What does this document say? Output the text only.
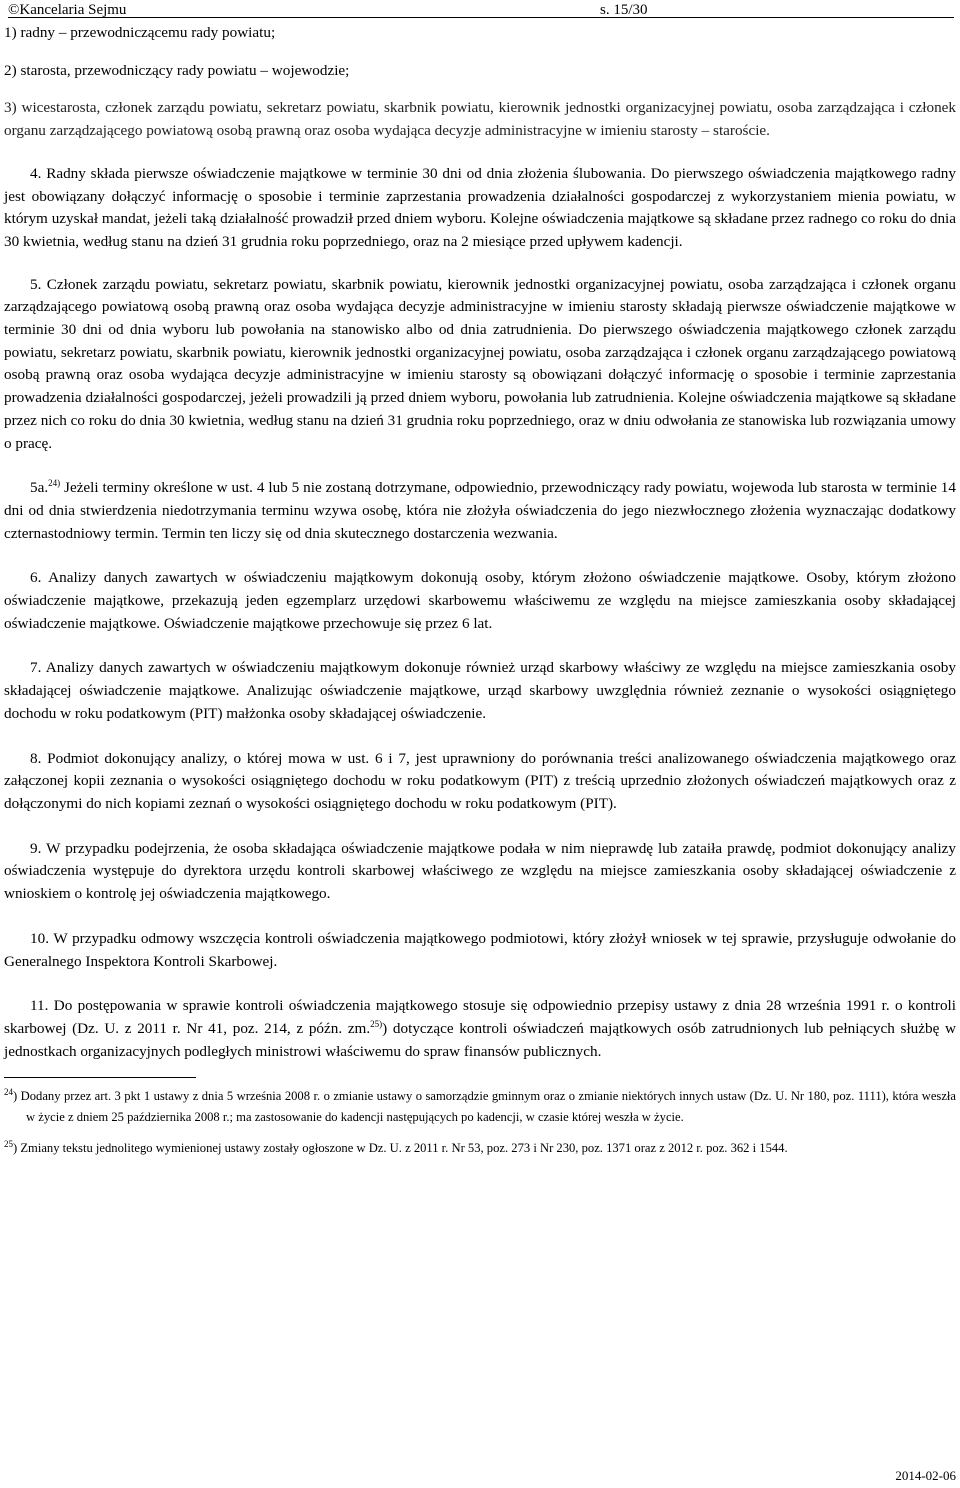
©Kancelaria Sejmu	s. 15/30

1) radny – przewodniczącemu rady powiatu;

2) starosta, przewodniczący rady powiatu – wojewodzie;

3) wicestarosta, członek zarządu powiatu, sekretarz powiatu, skarbnik powiatu, kierownik jednostki organizacyjnej powiatu, osoba zarządzająca i członek organu zarządzającego powiatową osobą prawną oraz osoba wydająca decyzje administracyjne w imieniu starosty – staroście.

4. Radny składa pierwsze oświadczenie majątkowe w terminie 30 dni od dnia złożenia ślubowania. Do pierwszego oświadczenia majątkowego radny jest obowiązany dołączyć informację o sposobie i terminie zaprzestania prowadzenia działalności gospodarczej z wykorzystaniem mienia powiatu, w którym uzyskał mandat, jeżeli taką działalność prowadził przed dniem wyboru. Kolejne oświadczenia majątkowe są składane przez radnego co roku do dnia 30 kwietnia, według stanu na dzień 31 grudnia roku poprzedniego, oraz na 2 miesiące przed upływem kadencji.

5. Członek zarządu powiatu, sekretarz powiatu, skarbnik powiatu, kierownik jednostki organizacyjnej powiatu, osoba zarządzająca i członek organu zarządzającego powiatową osobą prawną oraz osoba wydająca decyzje administracyjne w imieniu starosty składają pierwsze oświadczenie majątkowe w terminie 30 dni od dnia wyboru lub powołania na stanowisko albo od dnia zatrudnienia. Do pierwszego oświadczenia majątkowego członek zarządu powiatu, sekretarz powiatu, skarbnik powiatu, kierownik jednostki organizacyjnej powiatu, osoba zarządzająca i członek organu zarządzającego powiatową osobą prawną oraz osoba wydająca decyzje administracyjne w imieniu starosty są obowiązani dołączyć informację o sposobie i terminie zaprzestania prowadzenia działalności gospodarczej, jeżeli prowadzili ją przed dniem wyboru, powołania lub zatrudnienia. Kolejne oświadczenia majątkowe są składane przez nich co roku do dnia 30 kwietnia, według stanu na dzień 31 grudnia roku poprzedniego, oraz w dniu odwołania ze stanowiska lub rozwiązania umowy o pracę.

5a.$^{24)}$ Jeżeli terminy określone w ust. 4 lub 5 nie zostaną dotrzymane, odpowiednio, przewodniczący rady powiatu, wojewoda lub starosta w terminie 14 dni od dnia stwierdzenia niedotrzymania terminu wzywa osobę, która nie złożyła oświadczenia do jego niezwłocznego złożenia wyznaczając dodatkowy czternastodniowy termin. Termin ten liczy się od dnia skutecznego dostarczenia wezwania.

6. Analizy danych zawartych w oświadczeniu majątkowym dokonują osoby, którym złożono oświadczenie majątkowe. Osoby, którym złożono oświadczenie majątkowe, przekazują jeden egzemplarz urzędowi skarbowemu właściwemu ze względu na miejsce zamieszkania osoby składającej oświadczenie majątkowe. Oświadczenie majątkowe przechowuje się przez 6 lat.

7. Analizy danych zawartych w oświadczeniu majątkowym dokonuje również urząd skarbowy właściwy ze względu na miejsce zamieszkania osoby składającej oświadczenie majątkowe. Analizując oświadczenie majątkowe, urząd skarbowy uwzględnia również zeznanie o wysokości osiągniętego dochodu w roku podatkowym (PIT) małżonka osoby składającej oświadczenie.

8. Podmiot dokonujący analizy, o której mowa w ust. 6 i 7, jest uprawniony do porównania treści analizowanego oświadczenia majątkowego oraz załączonej kopii zeznania o wysokości osiągniętego dochodu w roku podatkowym (PIT) z treścią uprzednio złożonych oświadczeń majątkowych oraz z dołączonymi do nich kopiami zeznań o wysokości osiągniętego dochodu w roku podatkowym (PIT).

9. W przypadku podejrzenia, że osoba składająca oświadczenie majątkowe podała w nim nieprawdę lub zataiła prawdę, podmiot dokonujący analizy oświadczenia występuje do dyrektora urzędu kontroli skarbowej właściwego ze względu na miejsce zamieszkania osoby składającej oświadczenie z wnioskiem o kontrolę jej oświadczenia majątkowego.

10. W przypadku odmowy wszczęcia kontroli oświadczenia majątkowego podmiotowi, który złożył wniosek w tej sprawie, przysługuje odwołanie do Generalnego Inspektora Kontroli Skarbowej.

11. Do postępowania w sprawie kontroli oświadczenia majątkowego stosuje się odpowiednio przepisy ustawy z dnia 28 września 1991 r. o kontroli skarbowej (Dz. U. z 2011 r. Nr 41, poz. 214, z późn. zm.$^{25)}$) dotyczące kontroli oświadczeń majątkowych osób zatrudnionych lub pełniących służbę w jednostkach organizacyjnych podległych ministrowi właściwemu do spraw finansów publicznych.

$^{24}$) Dodany przez art. 3 pkt 1 ustawy z dnia 5 września 2008 r. o zmianie ustawy o samorządzie gminnym oraz o zmianie niektórych innych ustaw (Dz. U. Nr 180, poz. 1111), która weszła w życie z dniem 25 października 2008 r.; ma zastosowanie do kadencji następujących po kadencji, w czasie której weszła w życie.

$^{25}$) Zmiany tekstu jednolitego wymienionej ustawy zostały ogłoszone w Dz. U. z 2011 r. Nr 53, poz. 273 i Nr 230, poz. 1371 oraz z 2012 r. poz. 362 i 1544.

2014-02-06
